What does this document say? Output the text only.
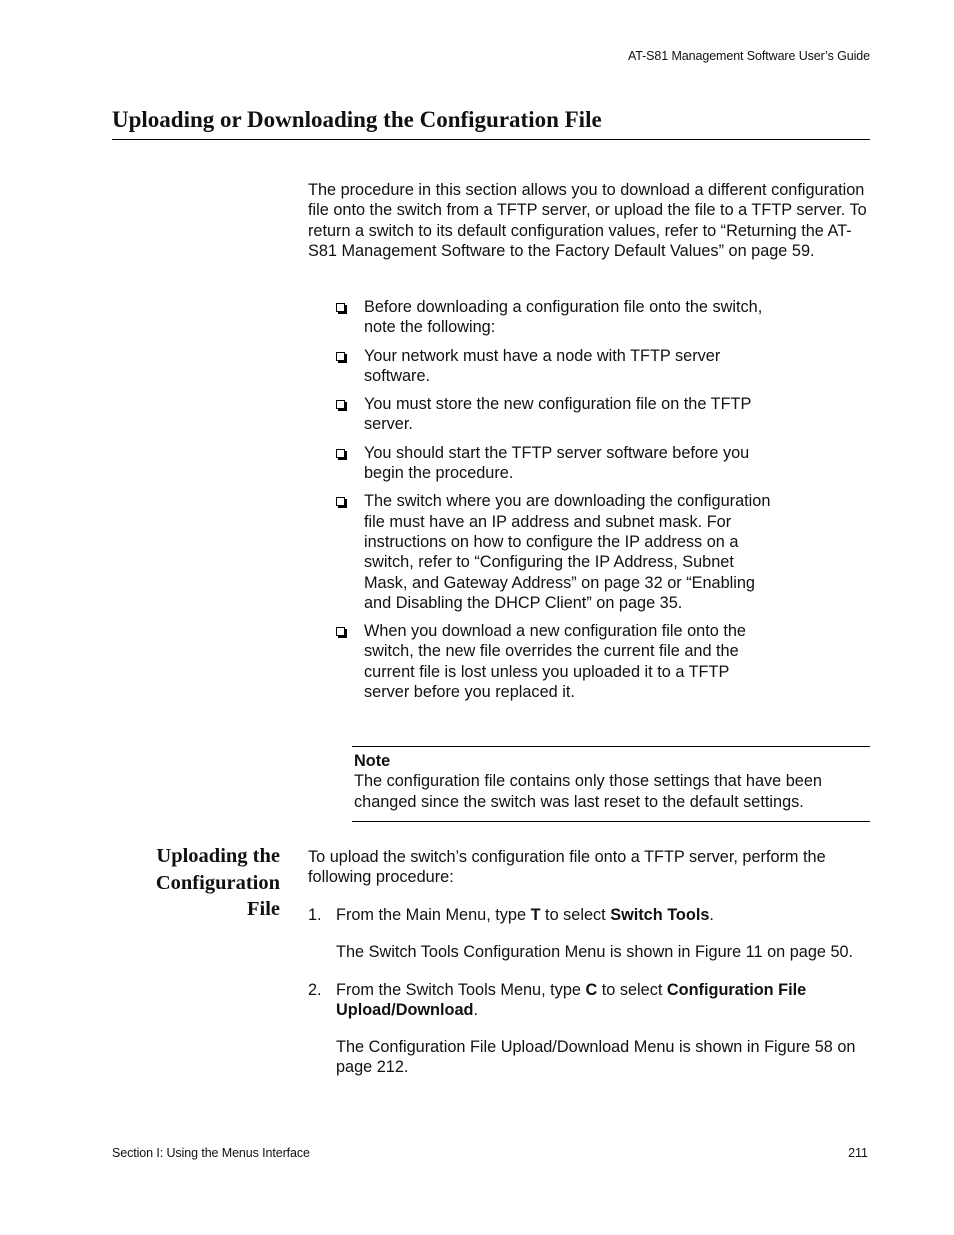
AT-S81 Management Software User’s Guide
Uploading or Downloading the Configuration File

The procedure in this section allows you to download a different configuration file onto the switch from a TFTP server, or upload the file to a TFTP server. To return a switch to its default configuration values, refer to “Returning the AT-S81 Management Software to the Factory Default Values” on page 59.

Before downloading a configuration file onto the switch, note the following:
Your network must have a node with TFTP server software.
You must store the new configuration file on the TFTP server.
You should start the TFTP server software before you begin the procedure.
The switch where you are downloading the configuration file must have an IP address and subnet mask. For instructions on how to configure the IP address on a switch, refer to “Configuring the IP Address, Subnet Mask, and Gateway Address” on page 32 or “Enabling and Disabling the DHCP Client” on page 35.
When you download a new configuration file onto the switch, the new file overrides the current file and the current file is lost unless you uploaded it to a TFTP server before you replaced it.
Note
The configuration file contains only those settings that have been changed since the switch was last reset to the default settings.
Uploading the
Configuration
File

To upload the switch’s configuration file onto a TFTP server, perform the following procedure:

1. From the Main Menu, type T to select Switch Tools.

The Switch Tools Configuration Menu is shown in Figure 11 on page 50.

2. From the Switch Tools Menu, type C to select Configuration File Upload/Download.

The Configuration File Upload/Download Menu is shown in Figure 58 on page 212.

Section I: Using the Menus Interface	211
